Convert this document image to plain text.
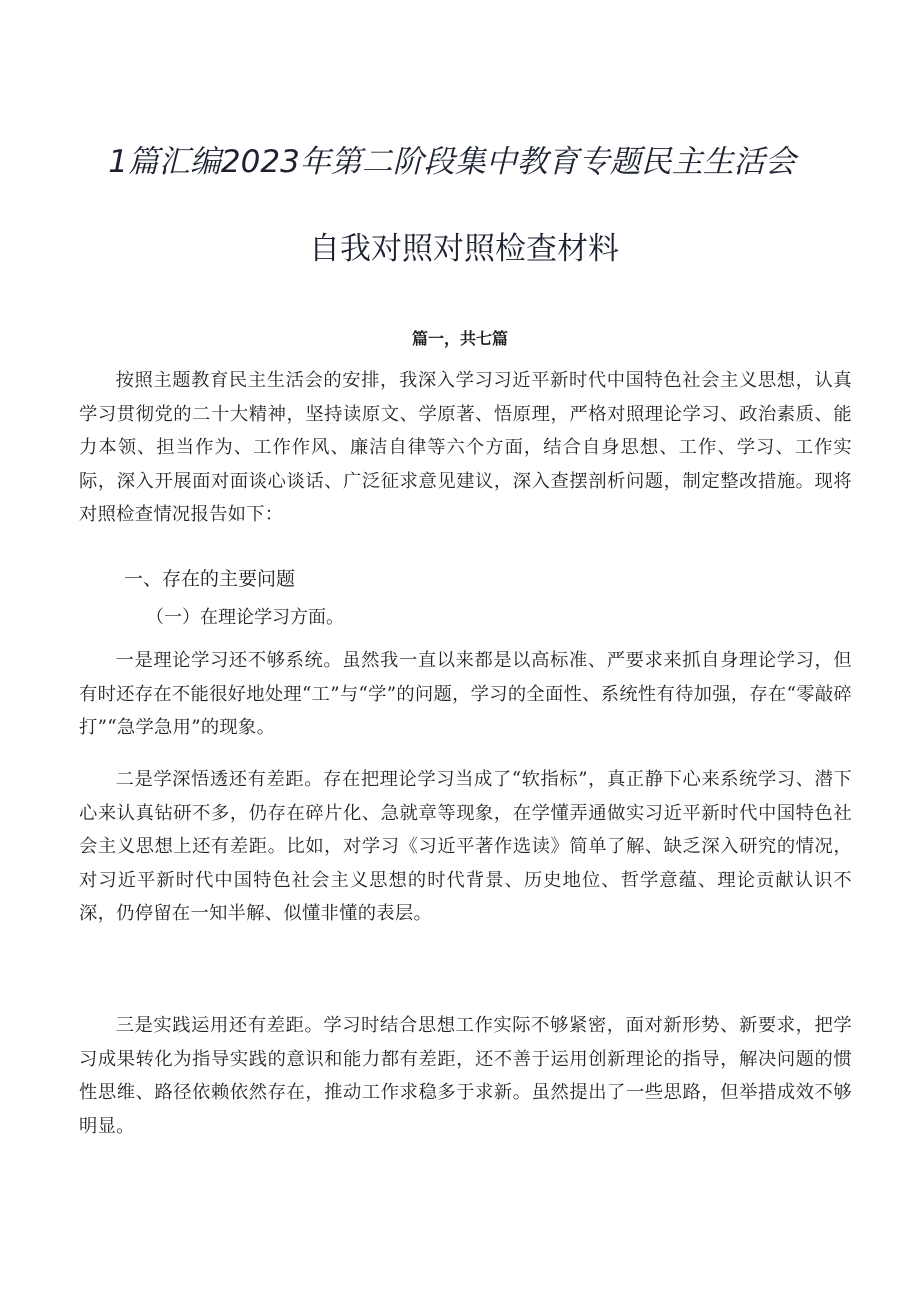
1篇汇编2023年第二阶段集中教育专题民主生活会
自我对照对照检查材料
篇一，共七篇

按照主题教育民主生活会的安排，我深入学习习近平新时代中国特色社会主义思想，认真学习贯彻党的二十大精神，坚持读原文、学原著、悟原理，严格对照理论学习、政治素质、能力本领、担当作为、工作作风、廉洁自律等六个方面，结合自身思想、工作、学习、工作实际，深入开展面对面谈心谈话、广泛征求意见建议，深入查摆剖析问题，制定整改措施。现将对照检查情况报告如下：

一、存在的主要问题
（一）在理论学习方面。

一是理论学习还不够系统。虽然我一直以来都是以高标准、严要求来抓自身理论学习，但有时还存在不能很好地处理“工”与“学”的问题，学习的全面性、系统性有待加强，存在“零敲碎打”“急学急用”的现象。

二是学深悟透还有差距。存在把理论学习当成了“软指标”，真正静下心来系统学习、潜下心来认真钻研不多，仍存在碎片化、急就章等现象，在学懂弄通做实习近平新时代中国特色社会主义思想上还有差距。比如，对学习《习近平著作选读》简单了解、缺乏深入研究的情况，对习近平新时代中国特色社会主义思想的时代背景、历史地位、哲学意蕴、理论贡献认识不深，仍停留在一知半解、似懂非懂的表层。

三是实践运用还有差距。学习时结合思想工作实际不够紧密，面对新形势、新要求，把学习成果转化为指导实践的意识和能力都有差距，还不善于运用创新理论的指导，解决问题的惯性思维、路径依赖依然存在，推动工作求稳多于求新。虽然提出了一些思路，但举措成效不够明显。
